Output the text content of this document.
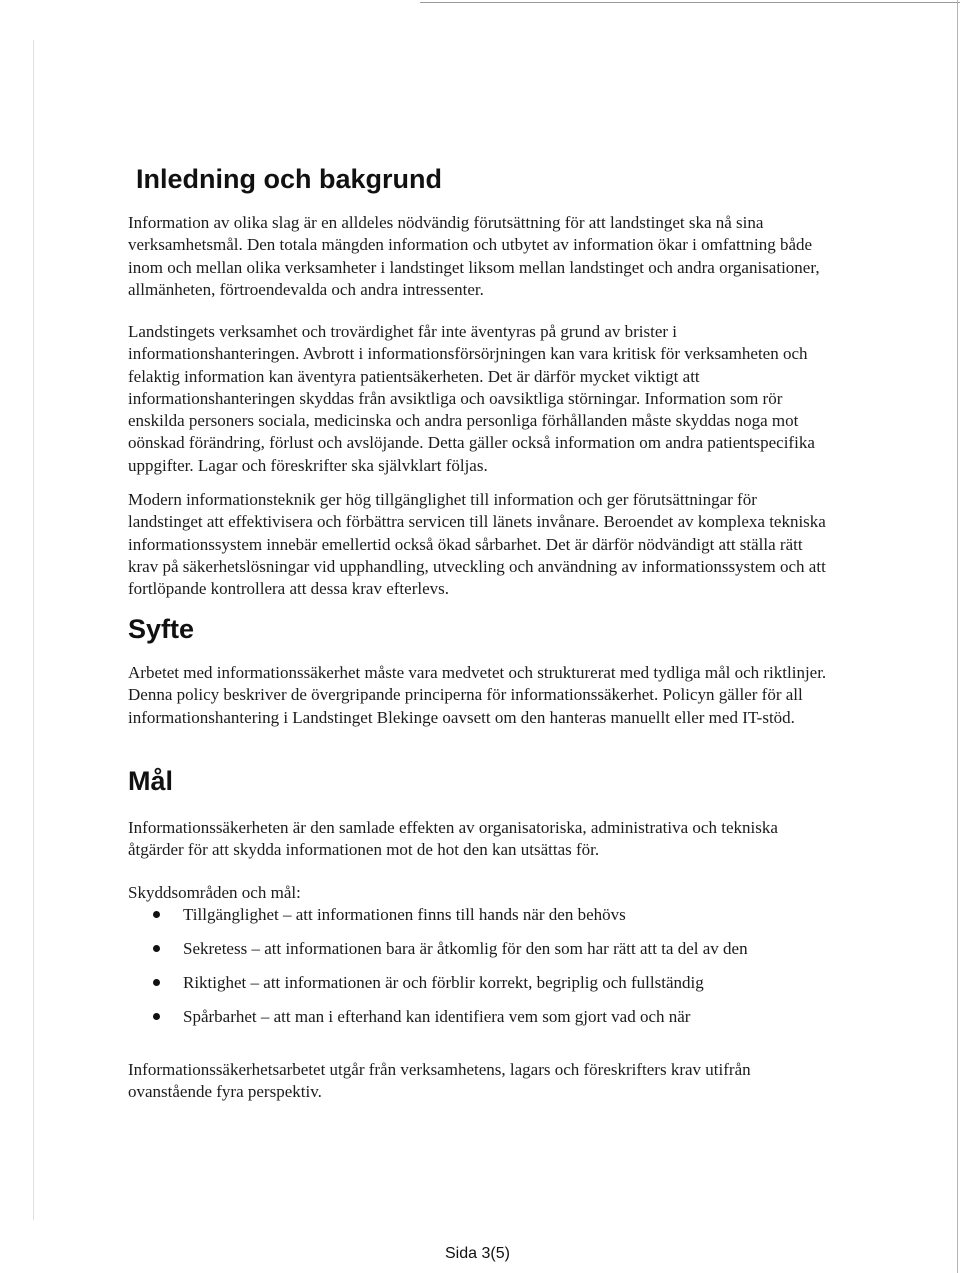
Inledning och bakgrund

Information av olika slag är en alldeles nödvändig förutsättning för att landstinget ska nå sina verksamhetsmål. Den totala mängden information och utbytet av information ökar i omfattning både inom och mellan olika verksamheter i landstinget liksom mellan landstinget och andra organisationer, allmänheten, förtroendevalda och andra intressenter.

Landstingets verksamhet och trovärdighet får inte äventyras på grund av brister i informationshanteringen. Avbrott i informationsförsörjningen kan vara kritisk för verksamheten och felaktig information kan äventyra patientsäkerheten. Det är därför mycket viktigt att informationshanteringen skyddas från avsiktliga och oavsiktliga störningar. Information som rör enskilda personers sociala, medicinska och andra personliga förhållanden måste skyddas noga mot oönskad förändring, förlust och avslöjande. Detta gäller också information om andra patientspecifika uppgifter. Lagar och föreskrifter ska självklart följas.

Modern informationsteknik ger hög tillgänglighet till information och ger förutsättningar för landstinget att effektivisera och förbättra servicen till länets invånare. Beroendet av komplexa tekniska informationssystem innebär emellertid också ökad sårbarhet. Det är därför nödvändigt att ställa rätt krav på säkerhetslösningar vid upphandling, utveckling och användning av informationssystem och att fortlöpande kontrollera att dessa krav efterlevs.

Syfte

Arbetet med informationssäkerhet måste vara medvetet och strukturerat med tydliga mål och riktlinjer. Denna policy beskriver de övergripande principerna för informationssäkerhet. Policyn gäller för all informationshantering i Landstinget Blekinge oavsett om den hanteras manuellt eller med IT-stöd.

Mål

Informationssäkerheten är den samlade effekten av organisatoriska, administrativa och tekniska åtgärder för att skydda informationen mot de hot den kan utsättas för.

Skyddsområden och mål:

Tillgänglighet – att informationen finns till hands när den behövs
Sekretess – att informationen bara är åtkomlig för den som har rätt att ta del av den
Riktighet – att informationen är och förblir korrekt, begriplig och fullständig
Spårbarhet – att man i efterhand kan identifiera vem som gjort vad och när

Informationssäkerhetsarbetet utgår från verksamhetens, lagars och föreskrifters krav utifrån ovanstående fyra perspektiv.

Sida 3(5)
